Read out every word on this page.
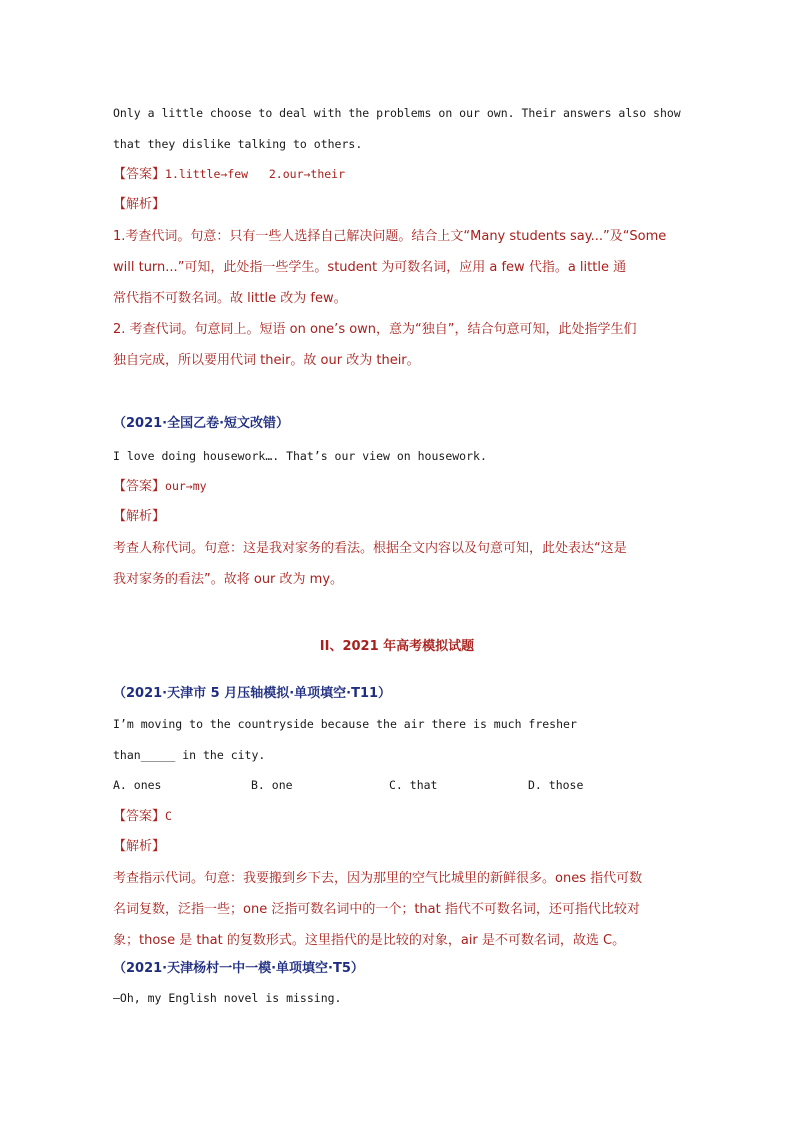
Only a little choose to deal with the problems on our own. Their answers also show
that they dislike talking to others.
【答案】1.little→few   2.our→their
【解析】
1.考查代词。句意：只有一些人选择自己解决问题。结合上文“Many students say...”及“Some
will turn...”可知，此处指一些学生。student 为可数名词，应用 a few 代指。a little 通
常代指不可数名词。故 little 改为 few。
2. 考查代词。句意同上。短语 on one’s own，意为“独自”，结合句意可知，此处指学生们
独自完成，所以要用代词 their。故 our 改为 their。
（2021·全国乙卷·短文改错）
I love doing housework…. That’s our view on housework.
【答案】our→my
【解析】
考查人称代词。句意：这是我对家务的看法。根据全文内容以及句意可知，此处表达“这是
我对家务的看法”。故将 our 改为 my。
II、2021 年高考模拟试题
（2021·天津市 5 月压轴模拟·单项填空·T11）
I’m moving to the countryside because the air there is much fresher
than_____ in the city.
A. ones	B. one	C. that	D. those
【答案】C
【解析】
考查指示代词。句意：我要搬到乡下去，因为那里的空气比城里的新鲜很多。ones 指代可数
名词复数，泛指一些；one 泛指可数名词中的一个；that 指代不可数名词，还可指代比较对
象；those 是 that 的复数形式。这里指代的是比较的对象，air 是不可数名词，故选 C。
（2021·天津杨村一中一模·单项填空·T5）
—Oh, my English novel is missing.
